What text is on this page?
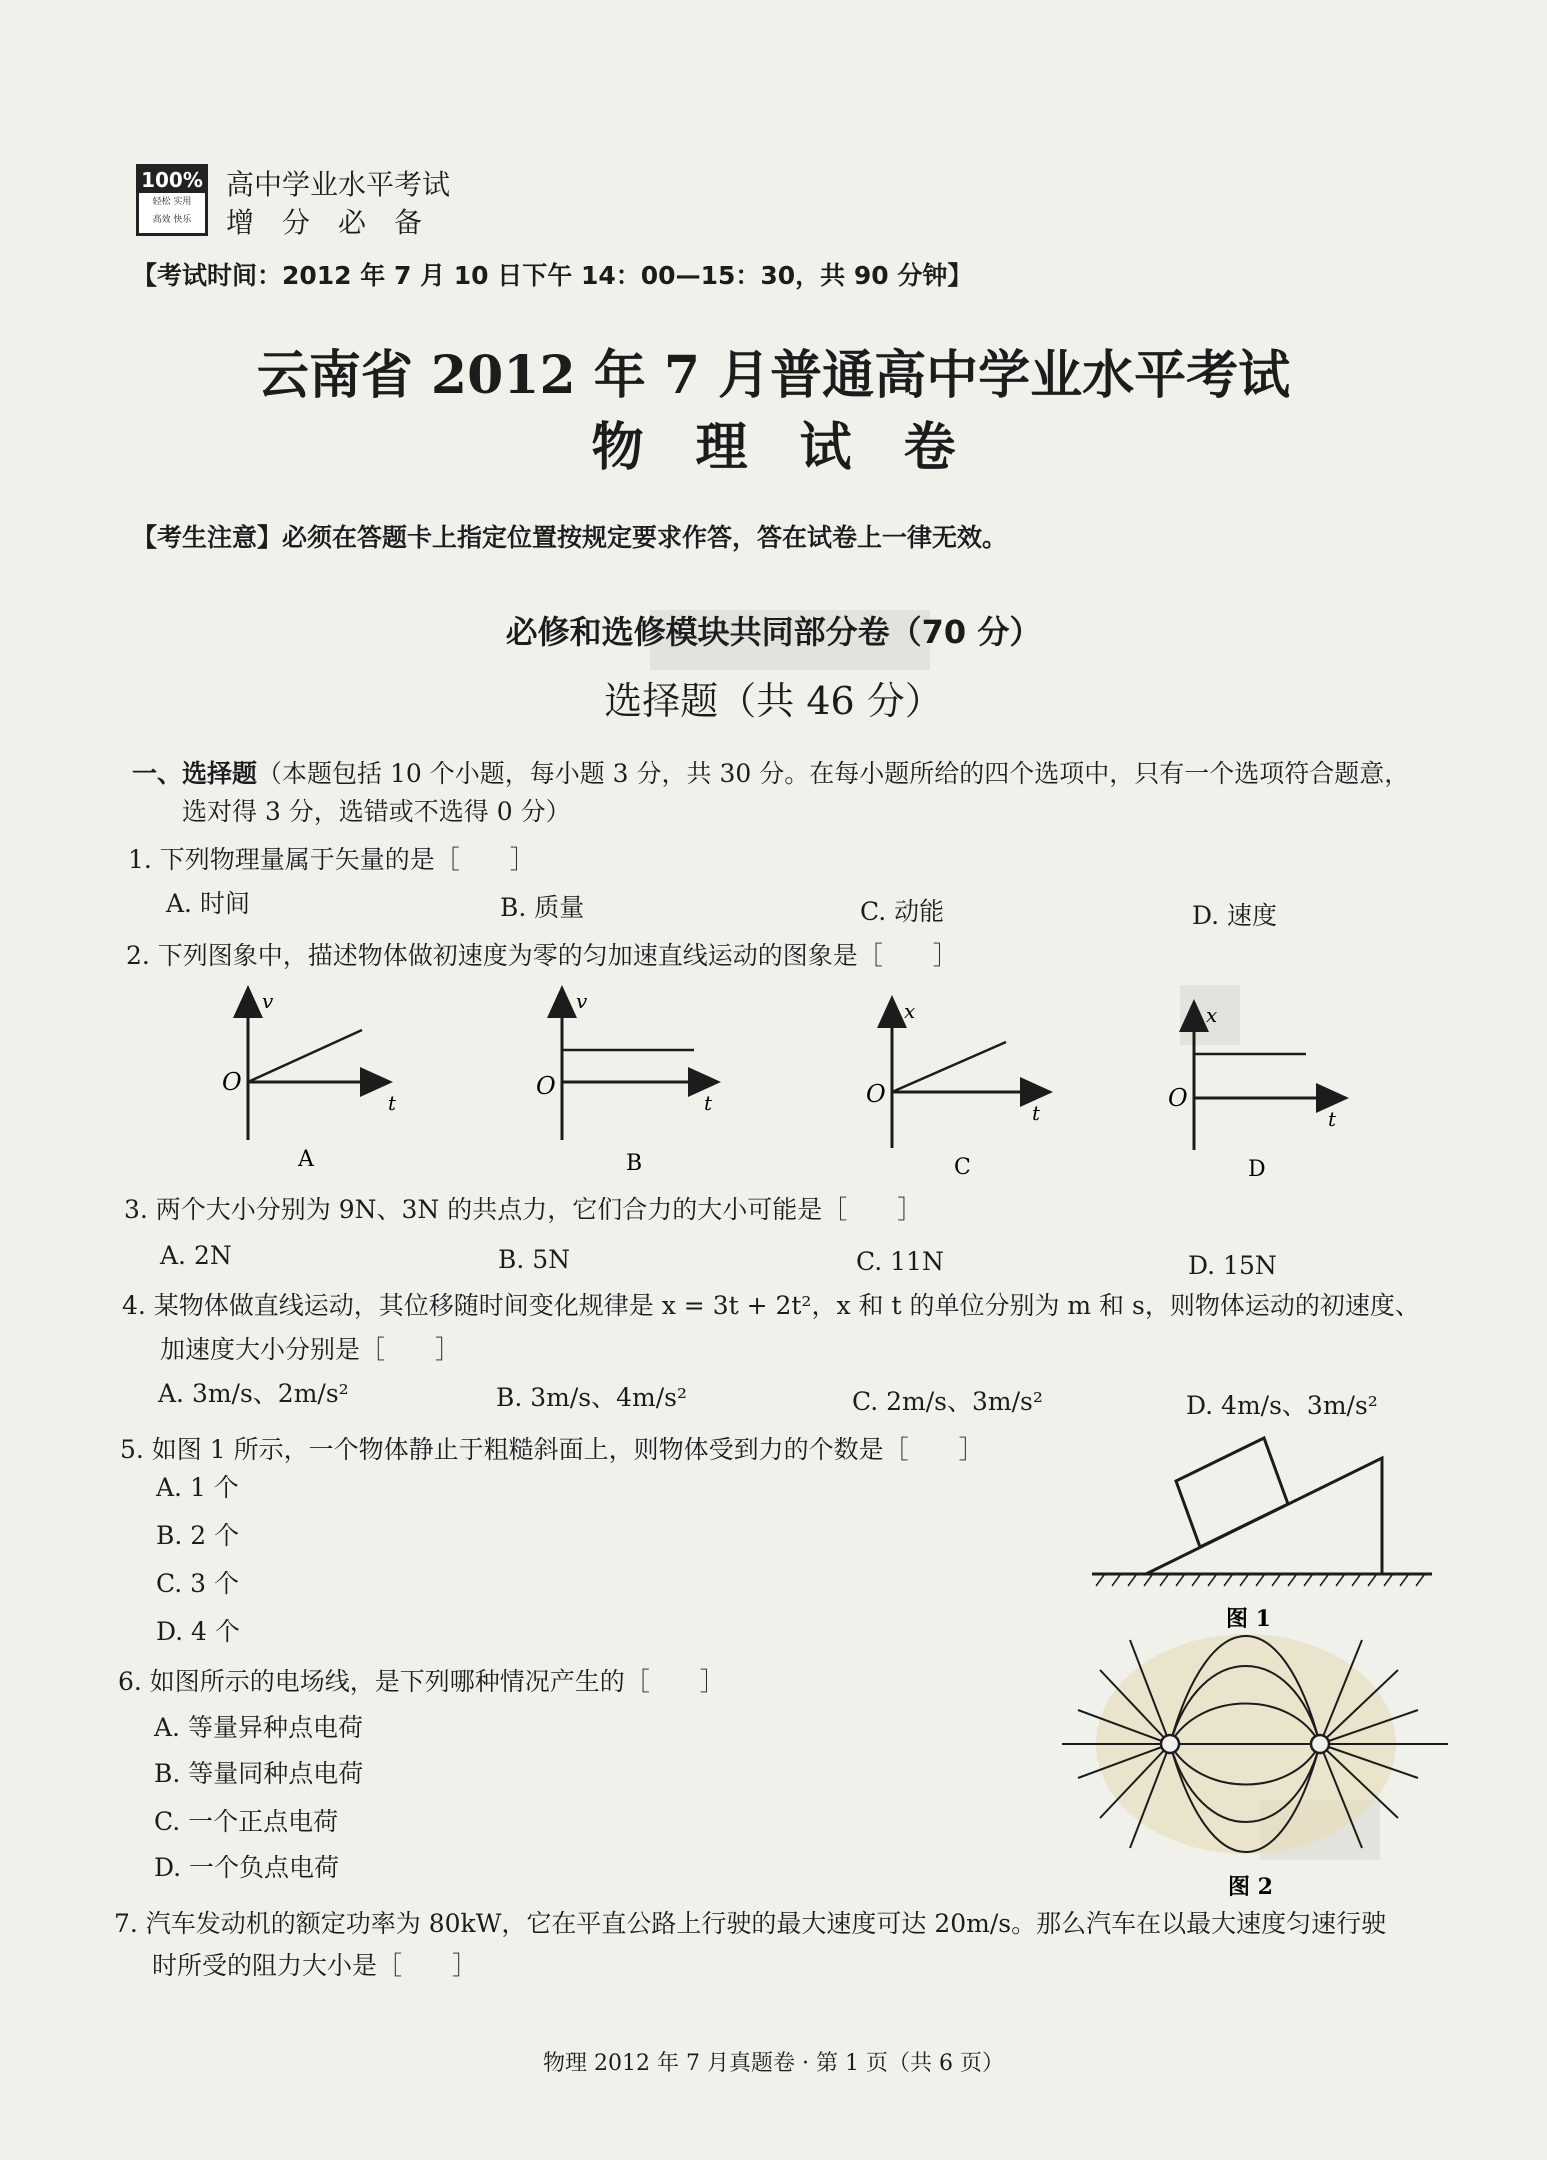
100%
轻松 实用
高效 快乐
高中学业水平考试
增　分　必　备
【考试时间：2012 年 7 月 10 日下午 14：00—15：30，共 90 分钟】
云南省 2012 年 7 月普通高中学业水平考试
物　理　试　卷
【考生注意】必须在答题卡上指定位置按规定要求作答，答在试卷上一律无效。
必修和选修模块共同部分卷（70 分）
选择题（共 46 分）
一、选择题（本题包括 10 个小题，每小题 3 分，共 30 分。在每小题所给的四个选项中，只有一个选项符合题意，
选对得 3 分，选错或不选得 0 分）
1. 下列物理量属于矢量的是［　　］
A. 时间	B. 质量	C. 动能	D. 速度
2. 下列图象中，描述物体做初速度为零的匀加速直线运动的图象是［　　］
v
O
t
A
v
O
t
B
x
O
t
C
x
O
t
D
图 1
图 2
3. 两个大小分别为 9N、3N 的共点力，它们合力的大小可能是［　　］
A. 2N	B. 5N	C. 11N	D. 15N
4. 某物体做直线运动，其位移随时间变化规律是 x = 3t + 2t²，x 和 t 的单位分别为 m 和 s，则物体运动的初速度、
加速度大小分别是［　　］
A. 3m/s、2m/s²	B. 3m/s、4m/s²	C. 2m/s、3m/s²	D. 4m/s、3m/s²
5. 如图 1 所示，一个物体静止于粗糙斜面上，则物体受到力的个数是［　　］
A. 1 个
B. 2 个
C. 3 个
D. 4 个
6. 如图所示的电场线，是下列哪种情况产生的［　　］
A. 等量异种点电荷
B. 等量同种点电荷
C. 一个正点电荷
D. 一个负点电荷
7. 汽车发动机的额定功率为 80kW，它在平直公路上行驶的最大速度可达 20m/s。那么汽车在以最大速度匀速行驶
时所受的阻力大小是［　　］
物理 2012 年 7 月真题卷 · 第 1 页（共 6 页）
